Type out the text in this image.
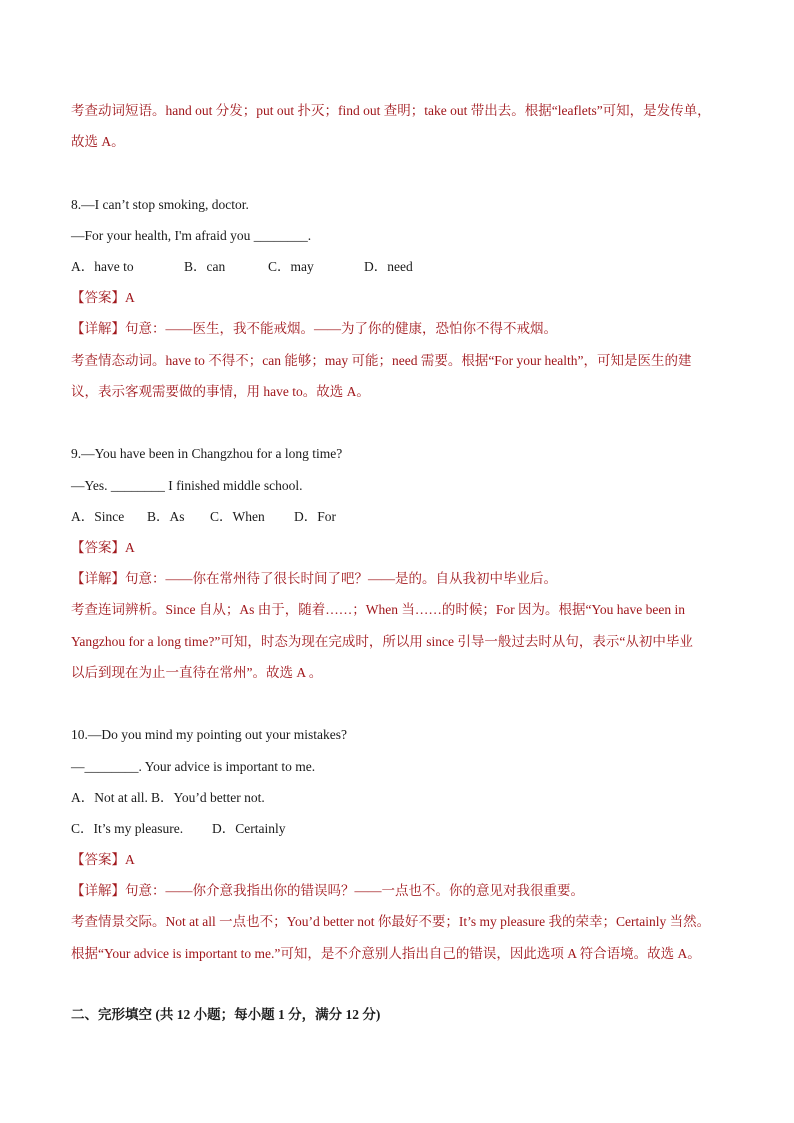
考查动词短语。hand out 分发；put out 扑灭；find out 查明；take out 带出去。根据“leaflets”可知，是发传单，
故选 A。
8.—I can’t stop smoking, doctor.
—For your health, I'm afraid you ________.
A．have to	B．can	C．may	D．need
【答案】A
【详解】句意：——医生，我不能戒烟。——为了你的健康，恐怕你不得不戒烟。
考查情态动词。have to 不得不；can 能够；may 可能；need 需要。根据“For your health”，可知是医生的建
议，表示客观需要做的事情，用 have to。故选 A。
9.—You have been in Changzhou for a long time?
—Yes. ________ I finished middle school.
A．Since B．As C．When D．For
【答案】A
【详解】句意：——你在常州待了很长时间了吧？——是的。自从我初中毕业后。
考查连词辨析。Since 自从；As 由于，随着……；When 当……的时候；For 因为。根据“You have been in
Yangzhou for a long time?”可知，时态为现在完成时，所以用 since 引导一般过去时从句，表示“从初中毕业
以后到现在为止一直待在常州”。故选 A 。
10.—Do you mind my pointing out your mistakes?
—________. Your advice is important to me.
A．Not at all. B．You’d better not.
C．It’s my pleasure. D．Certainly
【答案】A
【详解】句意：——你介意我指出你的错误吗？——一点也不。你的意见对我很重要。
考查情景交际。Not at all 一点也不；You’d better not 你最好不要；It’s my pleasure 我的荣幸；Certainly 当然。
根据“Your advice is important to me.”可知，是不介意别人指出自己的错误，因此选项 A 符合语境。故选 A。
二、完形填空 (共 12 小题；每小题 1 分，满分 12 分)
